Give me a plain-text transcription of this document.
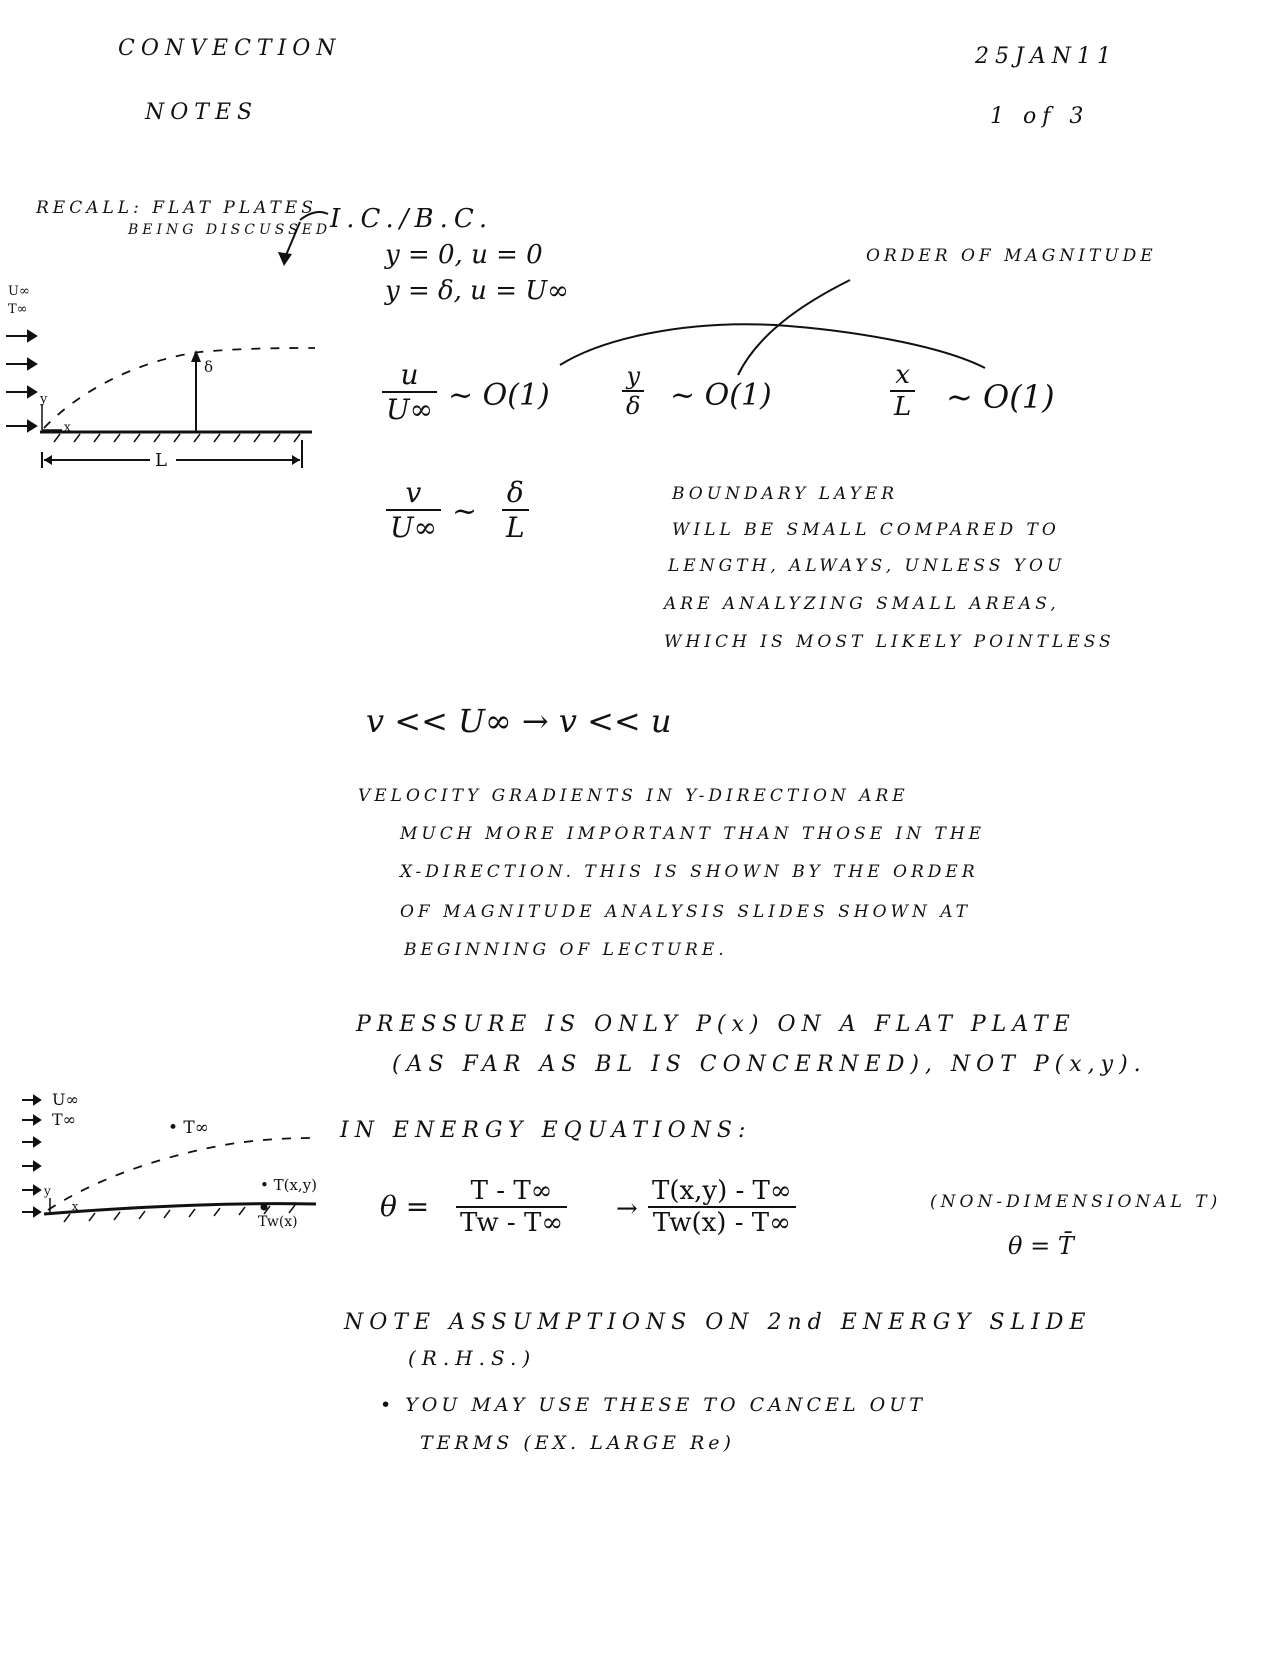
CONVECTION
NOTES
25JAN11
1 of 3
RECALL: FLAT PLATES
BEING DISCUSSED
I.C./B.C.
y = 0, u = 0
y = δ, u = U∞
ORDER OF MAGNITUDE
U∞
T∞
δ
y
x
L
$\frac{u}{U\infty}$ ~ O(1)	$\frac{y}{\delta}$ ~ O(1)	$\frac{x}{L}$ ~ O(1)
$\frac{v}{U\infty}$ ~ $\frac{\delta}{L}$	BOUNDARY LAYER
WILL BE SMALL COMPARED TO
LENGTH, ALWAYS, UNLESS YOU
ARE ANALYZING SMALL AREAS,
WHICH IS MOST LIKELY POINTLESS
v << U∞ → v << u
VELOCITY GRADIENTS IN Y-DIRECTION ARE
MUCH MORE IMPORTANT THAN THOSE IN THE
X-DIRECTION. THIS IS SHOWN BY THE ORDER
OF MAGNITUDE ANALYSIS SLIDES SHOWN AT
BEGINNING OF LECTURE.
PRESSURE IS ONLY P(x) ON A FLAT PLATE
(AS FAR AS BL IS CONCERNED), NOT P(x,y).
U∞
T∞	• T∞
• T(x,y)
Tw(x)
y
x
IN ENERGY EQUATIONS:
$\theta = \frac{T - T\infty}{Tw - T\infty} \to \frac{T(x,y) - T\infty}{Tw(x) - T\infty}$	(NON-DIMENSIONAL T)
θ = T̄
NOTE ASSUMPTIONS ON 2nd ENERGY SLIDE
(R.H.S.)
• YOU MAY USE THESE TO CANCEL OUT
TERMS (EX. LARGE Re)
